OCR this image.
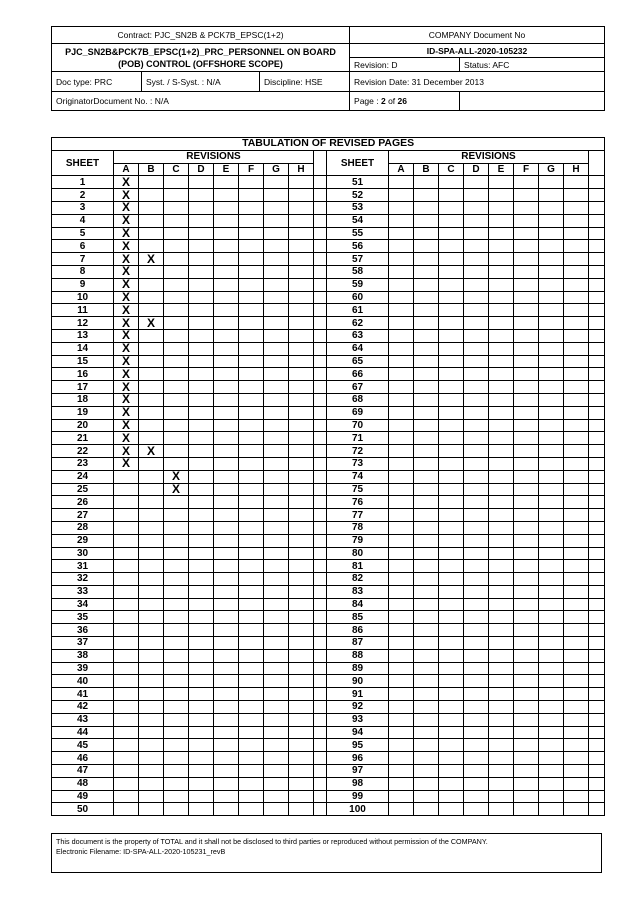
Contract: PJC_SN2B & PCK7B_EPSC(1+2)			COMPANY Document No	
PJC_SN2B&PCK7B_EPSC(1+2)_PRC_PERSONNEL ON BOARD (POB) CONTROL (OFFSHORE SCOPE)			ID-SPA-ALL-2020-105232	
			Revision: D	Status: AFC
Doc type: PRC	Syst. / S-Syst. : N/A	Discipline: HSE	Revision Date: 31 December 2013	
OriginatorDocument No. : N/A			Page : 2 of 26	
TABULATION OF REVISED PAGES																			
SHEET	REVISIONS									SHEET	REVISIONS								
	A	B	C	D	E	F	G	H			A	B	C	D	E	F	G	H	
1	X									51									
2	X									52									
3	X									53									
4	X									54									
5	X									55									
6	X									56									
7	X	X								57									
8	X									58									
9	X									59									
10	X									60									
11	X									61									
12	X	X								62									
13	X									63									
14	X									64									
15	X									65									
16	X									66									
17	X									67									
18	X									68									
19	X									69									
20	X									70									
21	X									71									
22	X	X								72									
23	X									73									
24			X							74									
25			X							75									
26										76									
27										77									
28										78									
29										79									
30										80									
31										81									
32										82									
33										83									
34										84									
35										85									
36										86									
37										87									
38										88									
39										89									
40										90									
41										91									
42										92									
43										93									
44										94									
45										95									
46										96									
47										97									
48										98									
49										99									
50										100									
This document is the property of TOTAL and it shall not be disclosed to third parties or reproduced without permission of the COMPANY.
Electronic Filename: ID-SPA-ALL-2020-105231_revB
